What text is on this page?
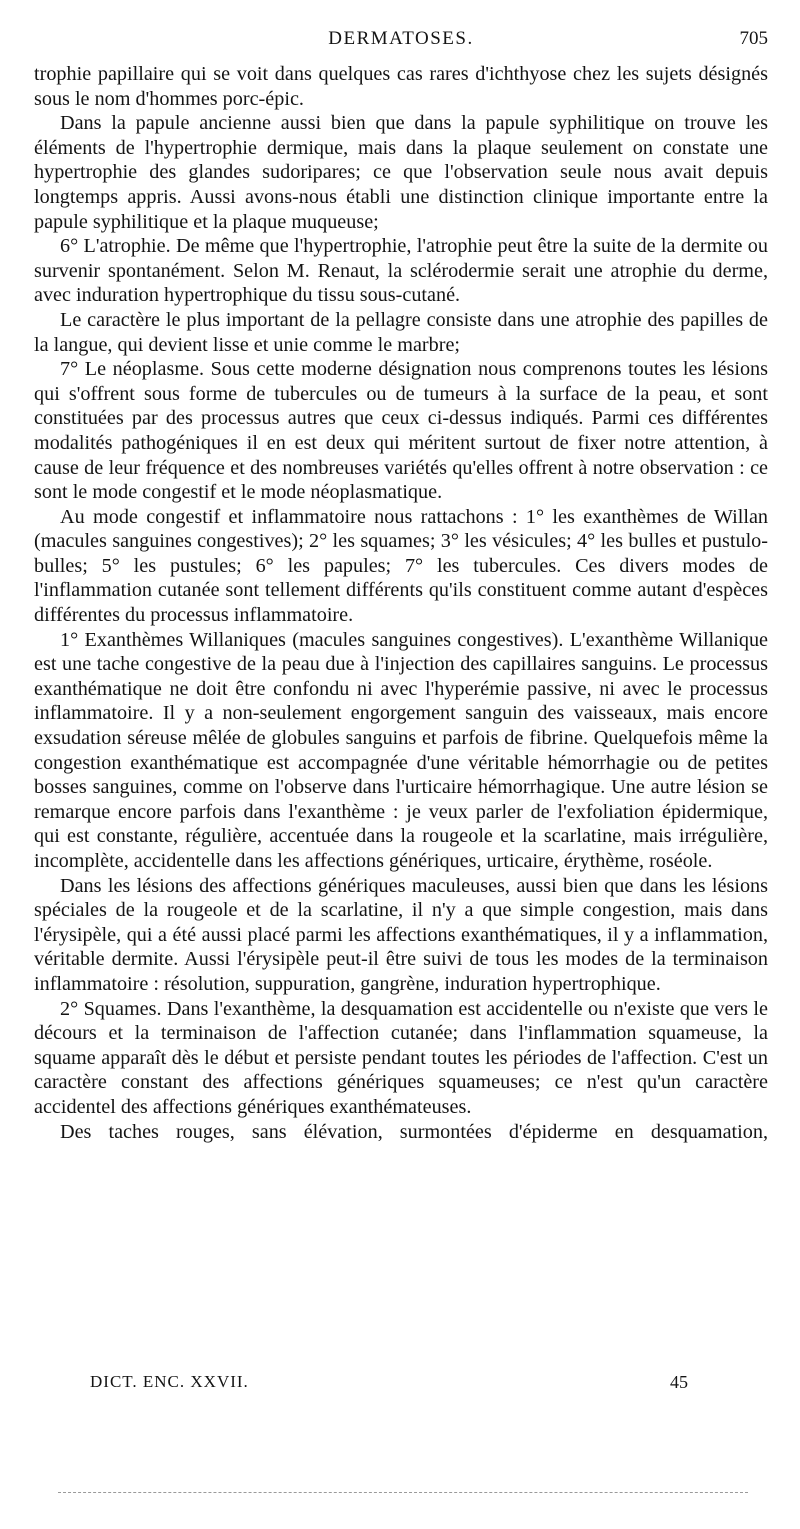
DERMATOSES.	705

trophie papillaire qui se voit dans quelques cas rares d'ichthyose chez les sujets désignés sous le nom d'hommes porc-épic.

Dans la papule ancienne aussi bien que dans la papule syphilitique on trouve les éléments de l'hypertrophie dermique, mais dans la plaque seulement on constate une hypertrophie des glandes sudoripares; ce que l'observation seule nous avait depuis longtemps appris. Aussi avons-nous établi une distinction clinique importante entre la papule syphilitique et la plaque muqueuse;

6° L'atrophie. De même que l'hypertrophie, l'atrophie peut être la suite de la dermite ou survenir spontanément. Selon M. Renaut, la sclérodermie serait une atrophie du derme, avec induration hypertrophique du tissu sous-cutané.

Le caractère le plus important de la pellagre consiste dans une atrophie des papilles de la langue, qui devient lisse et unie comme le marbre;

7° Le néoplasme. Sous cette moderne désignation nous comprenons toutes les lésions qui s'offrent sous forme de tubercules ou de tumeurs à la surface de la peau, et sont constituées par des processus autres que ceux ci-dessus indiqués. Parmi ces différentes modalités pathogéniques il en est deux qui méritent surtout de fixer notre attention, à cause de leur fréquence et des nombreuses variétés qu'elles offrent à notre observation : ce sont le mode congestif et le mode néoplasmatique.

Au mode congestif et inflammatoire nous rattachons : 1° les exanthèmes de Willan (macules sanguines congestives); 2° les squames; 3° les vésicules; 4° les bulles et pustulo-bulles; 5° les pustules; 6° les papules; 7° les tubercules. Ces divers modes de l'inflammation cutanée sont tellement différents qu'ils constituent comme autant d'espèces différentes du processus inflammatoire.

1° Exanthèmes Willaniques (macules sanguines congestives). L'exanthème Willanique est une tache congestive de la peau due à l'injection des capillaires sanguins. Le processus exanthématique ne doit être confondu ni avec l'hyperémie passive, ni avec le processus inflammatoire. Il y a non-seulement engorgement sanguin des vaisseaux, mais encore exsudation séreuse mêlée de globules sanguins et parfois de fibrine. Quelquefois même la congestion exanthématique est accompagnée d'une véritable hémorrhagie ou de petites bosses sanguines, comme on l'observe dans l'urticaire hémorrhagique. Une autre lésion se remarque encore parfois dans l'exanthème : je veux parler de l'exfoliation épidermique, qui est constante, régulière, accentuée dans la rougeole et la scarlatine, mais irrégulière, incomplète, accidentelle dans les affections génériques, urticaire, érythème, roséole.

Dans les lésions des affections génériques maculeuses, aussi bien que dans les lésions spéciales de la rougeole et de la scarlatine, il n'y a que simple congestion, mais dans l'érysipèle, qui a été aussi placé parmi les affections exanthématiques, il y a inflammation, véritable dermite. Aussi l'érysipèle peut-il être suivi de tous les modes de la terminaison inflammatoire : résolution, suppuration, gangrène, induration hypertrophique.

2° Squames. Dans l'exanthème, la desquamation est accidentelle ou n'existe que vers le décours et la terminaison de l'affection cutanée; dans l'inflammation squameuse, la squame apparaît dès le début et persiste pendant toutes les périodes de l'affection. C'est un caractère constant des affections génériques squameuses; ce n'est qu'un caractère accidentel des affections génériques exanthémateuses.

Des taches rouges, sans élévation, surmontées d'épiderme en desquamation,

DICT. ENC. XXVII.	45
